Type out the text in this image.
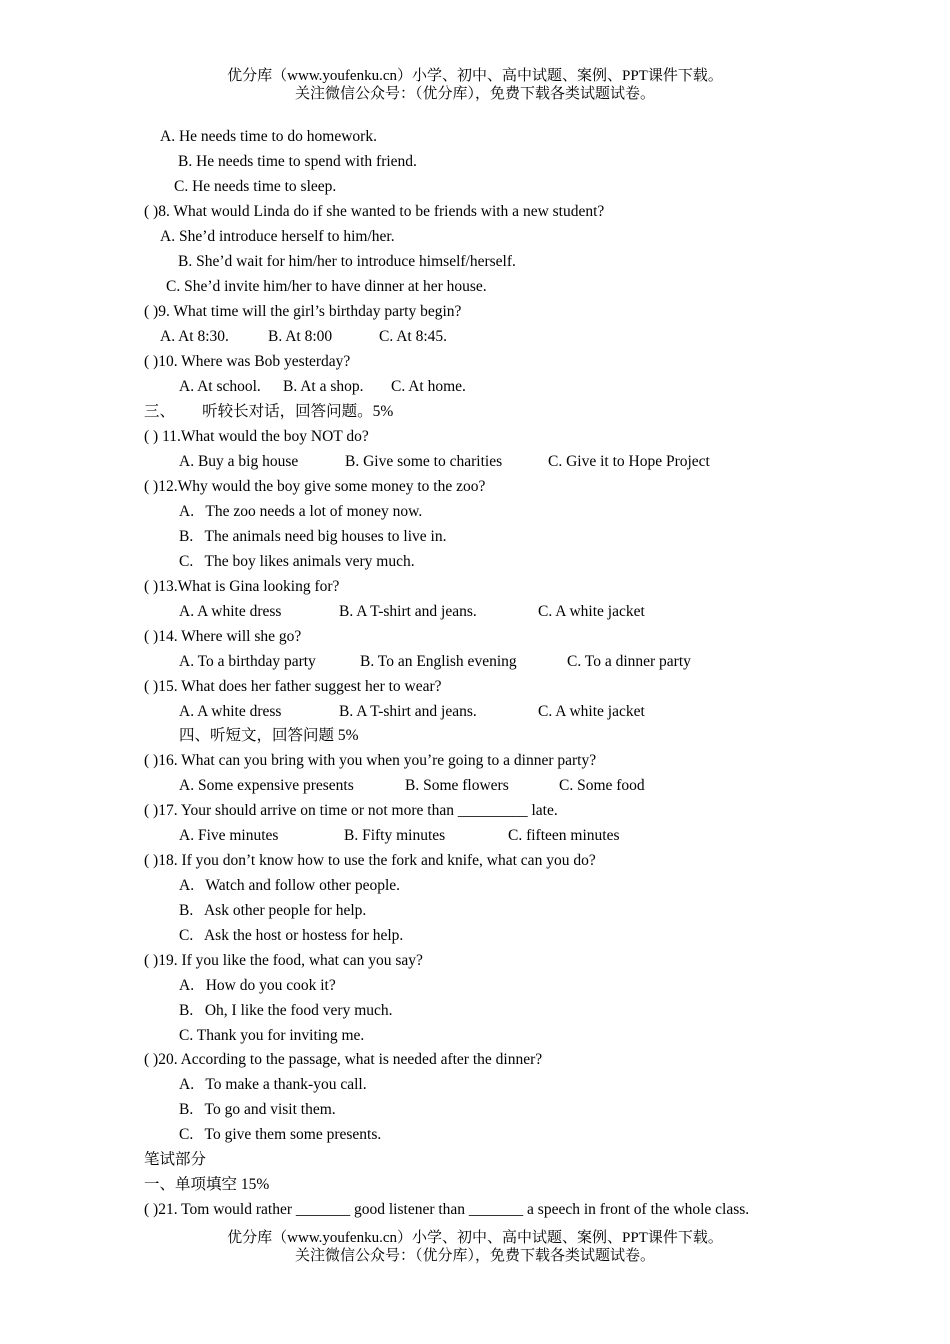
优分库（www.youfenku.cn）小学、初中、高中试题、案例、PPT课件下载。
关注微信公众号：（优分库），免费下载各类试题试卷。
A. He needs time to do homework.
B. He needs time to spend with friend.
C. He needs time to sleep.
( )8. What would Linda do if she wanted to be friends with a new student?
A. She’d introduce herself to him/her.
B. She’d wait for him/her to introduce himself/herself.
C. She’d invite him/her to have dinner at her house.
( )9. What time will the girl’s birthday party begin?
A. At 8:30.	B. At 8:00	C. At 8:45.
( )10. Where was Bob yesterday?
A. At school. B. At a shop. C. At home.
三、       听较长对话，回答问题。5%
( ) 11.What would the boy NOT do?
A. Buy a big house	B. Give some to charities	C. Give it to Hope Project
( )12.Why would the boy give some money to the zoo?
A.   The zoo needs a lot of money now.
B.   The animals need big houses to live in.
C.   The boy likes animals very much.
( )13.What is Gina looking for?
A. A white dress	B. A T-shirt and jeans.	C. A white jacket
( )14. Where will she go?
A. To a birthday party	B. To an English evening	C. To a dinner party
( )15. What does her father suggest her to wear?
A. A white dress	B. A T-shirt and jeans.	C. A white jacket
四、听短文，回答问题 5%
( )16. What can you bring with you when you’re going to a dinner party?
A. Some expensive presents	B. Some flowers	C. Some food
( )17. Your should arrive on time or not more than _________ late.
A. Five minutes	B. Fifty minutes	C. fifteen minutes
( )18. If you don’t know how to use the fork and knife, what can you do?
A.   Watch and follow other people.
B.   Ask other people for help.
C.   Ask the host or hostess for help.
( )19. If you like the food, what can you say?
A.   How do you cook it?
B.   Oh, I like the food very much.
C. Thank you for inviting me.
( )20. According to the passage, what is needed after the dinner?
A.   To make a thank-you call.
B.   To go and visit them.
C.   To give them some presents.
笔试部分
一、单项填空 15%
( )21. Tom would rather _______ good listener than _______ a speech in front of the whole class.
优分库（www.youfenku.cn）小学、初中、高中试题、案例、PPT课件下载。
关注微信公众号：（优分库），免费下载各类试题试卷。
